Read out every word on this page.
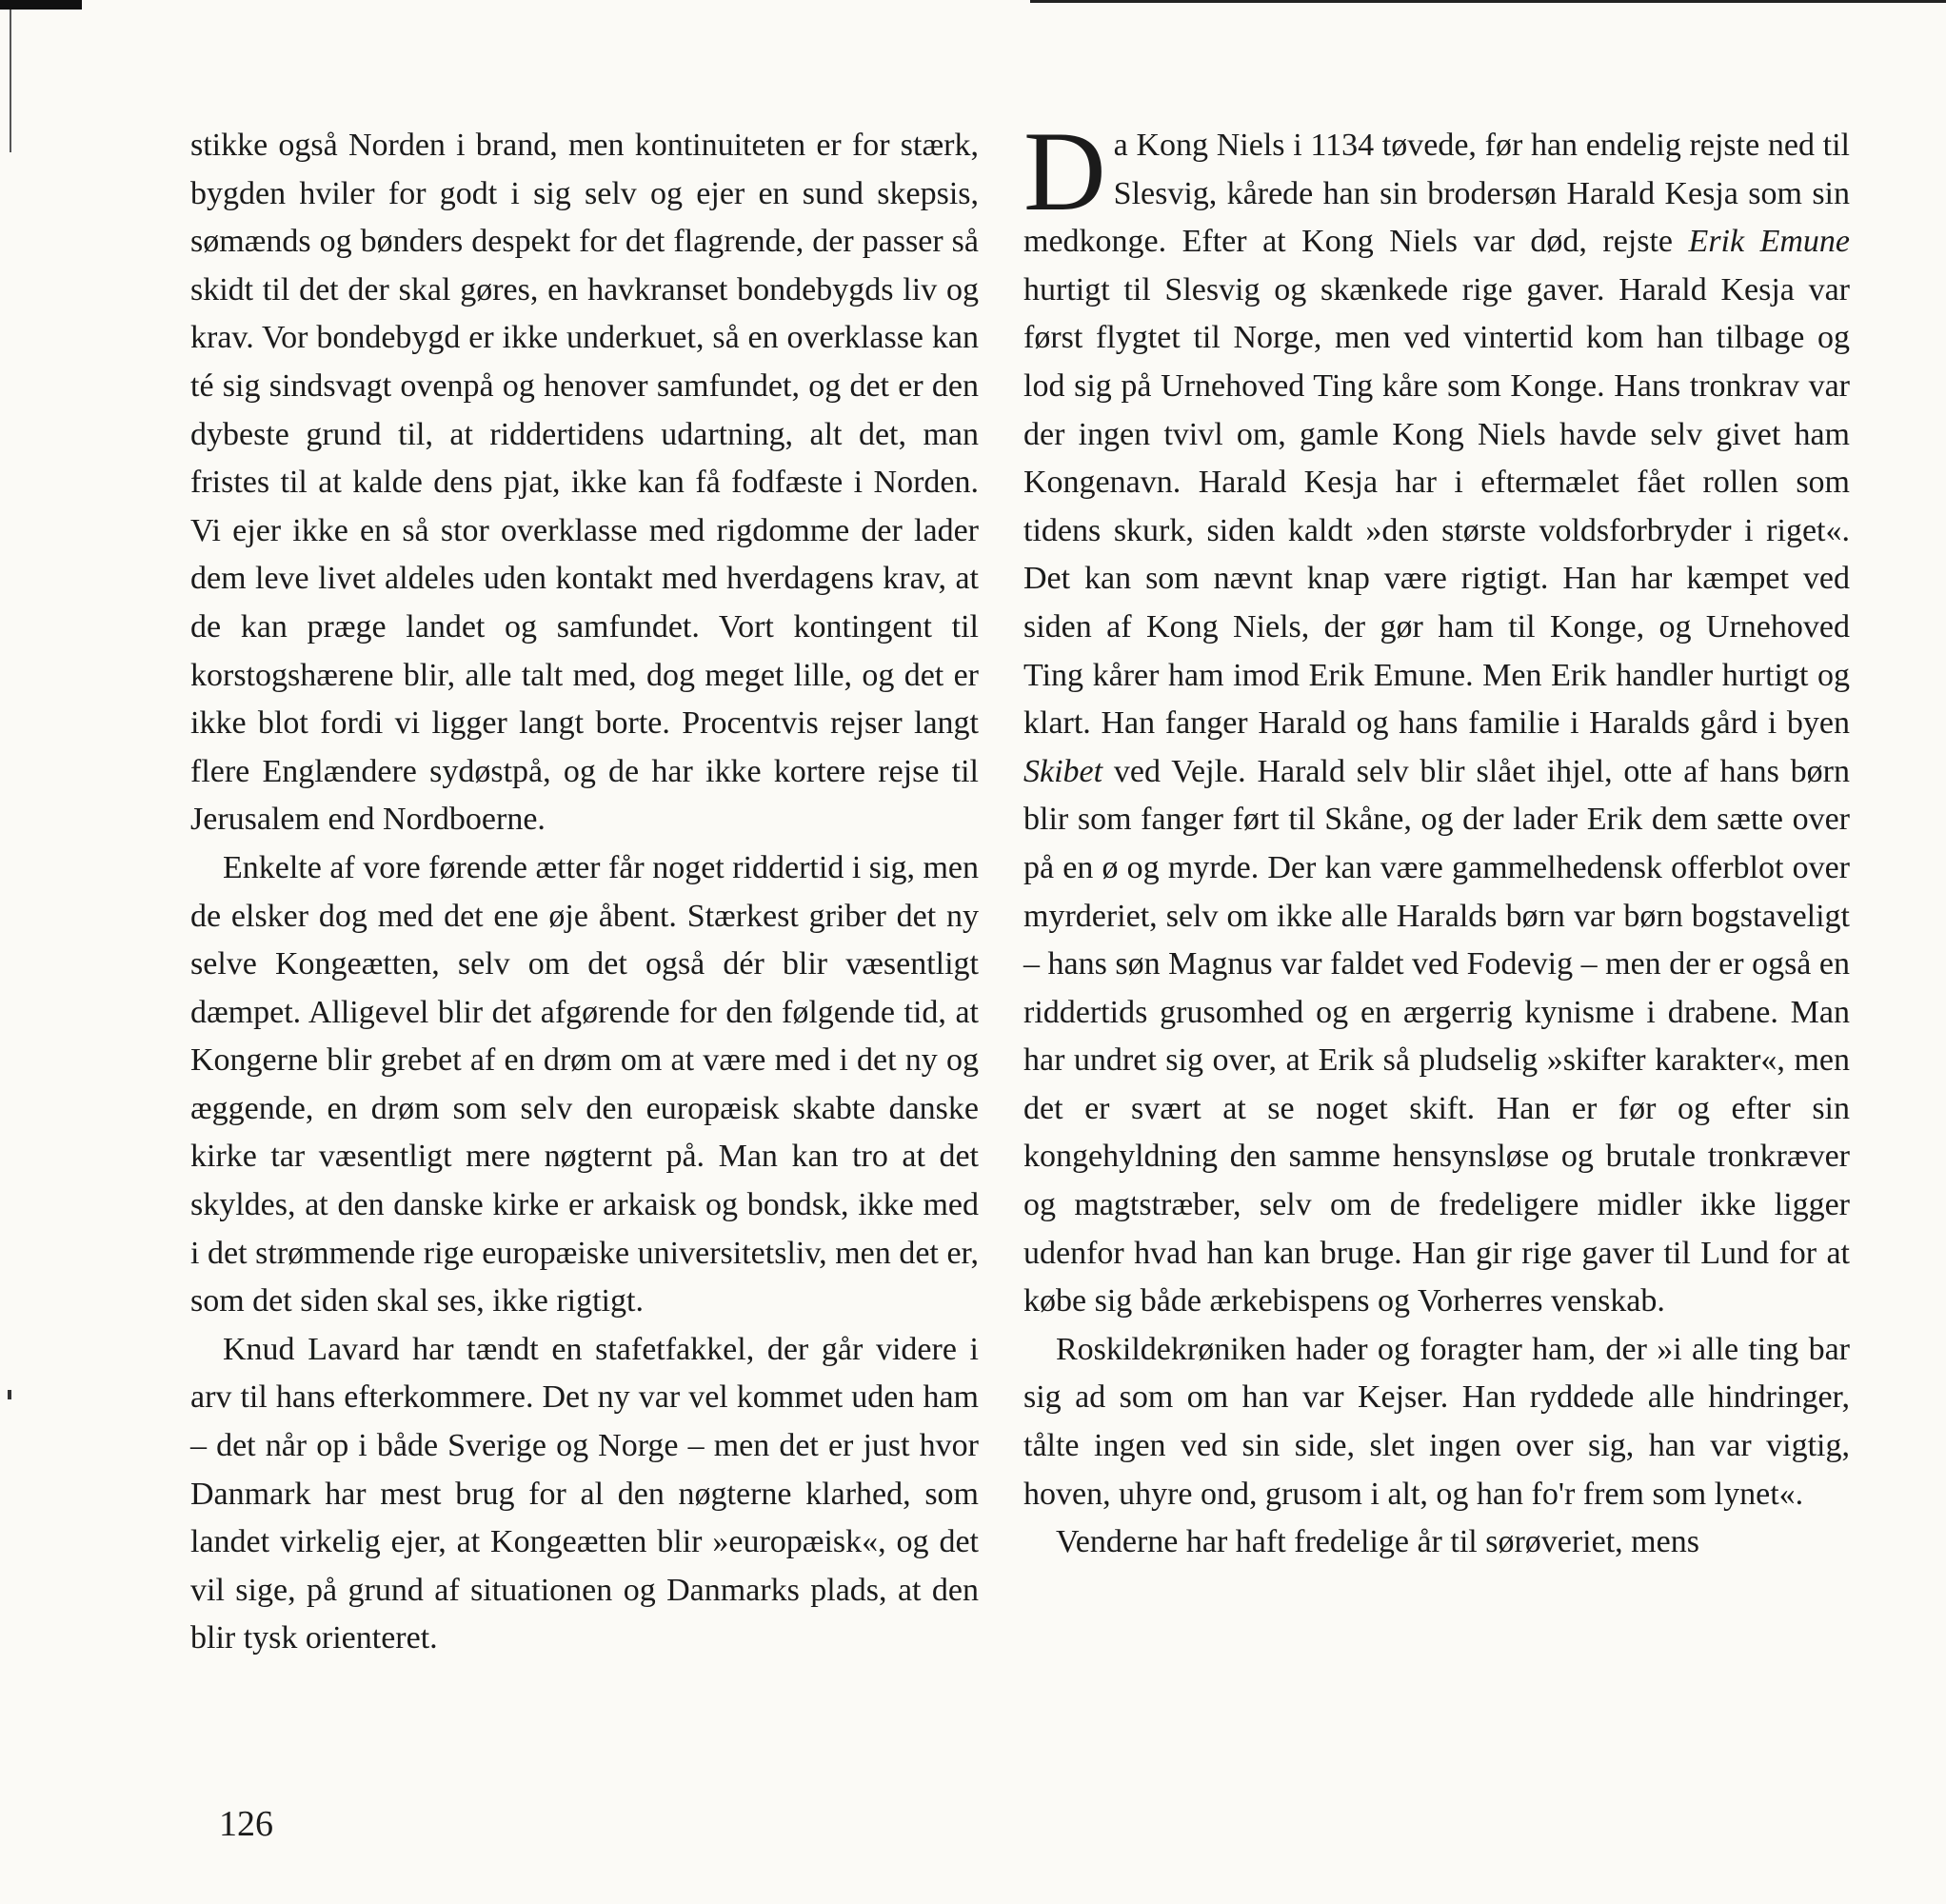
stikke også Norden i brand, men kontinuiteten er for stærk, bygden hviler for godt i sig selv og ejer en sund skepsis, sømænds og bønders despekt for det flagrende, der passer så skidt til det der skal gøres, en havkranset bondebygds liv og krav. Vor bondebygd er ikke underkuet, så en overklasse kan té sig sindsvagt ovenpå og henover samfundet, og det er den dybeste grund til, at riddertidens udartning, alt det, man fristes til at kalde dens pjat, ikke kan få fodfæste i Norden. Vi ejer ikke en så stor overklasse med rigdomme der lader dem leve livet aldeles uden kontakt med hverdagens krav, at de kan præge landet og samfundet. Vort kontingent til korstogshærene blir, alle talt med, dog meget lille, og det er ikke blot fordi vi ligger langt borte. Procentvis rejser langt flere Englændere sydøstpå, og de har ikke kortere rejse til Jerusalem end Nordboerne.

Enkelte af vore førende ætter får noget riddertid i sig, men de elsker dog med det ene øje åbent. Stærkest griber det ny selve Kongeætten, selv om det også dér blir væsentligt dæmpet. Alligevel blir det afgørende for den følgende tid, at Kongerne blir grebet af en drøm om at være med i det ny og æggende, en drøm som selv den europæisk skabte danske kirke tar væsentligt mere nøgternt på. Man kan tro at det skyldes, at den danske kirke er arkaisk og bondsk, ikke med i det strømmende rige europæiske universitetsliv, men det er, som det siden skal ses, ikke rigtigt.

Knud Lavard har tændt en stafetfakkel, der går videre i arv til hans efterkommere. Det ny var vel kommet uden ham – det når op i både Sverige og Norge – men det er just hvor Danmark har mest brug for al den nøgterne klarhed, som landet virkelig ejer, at Kongeætten blir »europæisk«, og det vil sige, på grund af situationen og Danmarks plads, at den blir tysk orienteret.

Da Kong Niels i 1134 tøvede, før han endelig rejste ned til Slesvig, kårede han sin brodersøn Harald Kesja som sin medkonge. Efter at Kong Niels var død, rejste Erik Emune hurtigt til Slesvig og skænkede rige gaver. Harald Kesja var først flygtet til Norge, men ved vintertid kom han tilbage og lod sig på Urnehoved Ting kåre som Konge. Hans tronkrav var der ingen tvivl om, gamle Kong Niels havde selv givet ham Kongenavn. Harald Kesja har i eftermælet fået rollen som tidens skurk, siden kaldt »den største voldsforbryder i riget«. Det kan som nævnt knap være rigtigt. Han har kæmpet ved siden af Kong Niels, der gør ham til Konge, og Urnehoved Ting kårer ham imod Erik Emune. Men Erik handler hurtigt og klart. Han fanger Harald og hans familie i Haralds gård i byen Skibet ved Vejle. Harald selv blir slået ihjel, otte af hans børn blir som fanger ført til Skåne, og der lader Erik dem sætte over på en ø og myrde. Der kan være gammelhedensk offerblot over myrderiet, selv om ikke alle Haralds børn var børn bogstaveligt – hans søn Magnus var faldet ved Fodevig – men der er også en riddertids grusomhed og en ærgerrig kynisme i drabene. Man har undret sig over, at Erik så pludselig »skifter karakter«, men det er svært at se noget skift. Han er før og efter sin kongehyldning den samme hensynsløse og brutale tronkræver og magtstræber, selv om de fredeligere midler ikke ligger udenfor hvad han kan bruge. Han gir rige gaver til Lund for at købe sig både ærkebispens og Vorherres venskab.

Roskildekrøniken hader og foragter ham, der »i alle ting bar sig ad som om han var Kejser. Han ryddede alle hindringer, tålte ingen ved sin side, slet ingen over sig, han var vigtig, hoven, uhyre ond, grusom i alt, og han fo'r frem som lynet«.

Venderne har haft fredelige år til sørøveriet, mens

126
